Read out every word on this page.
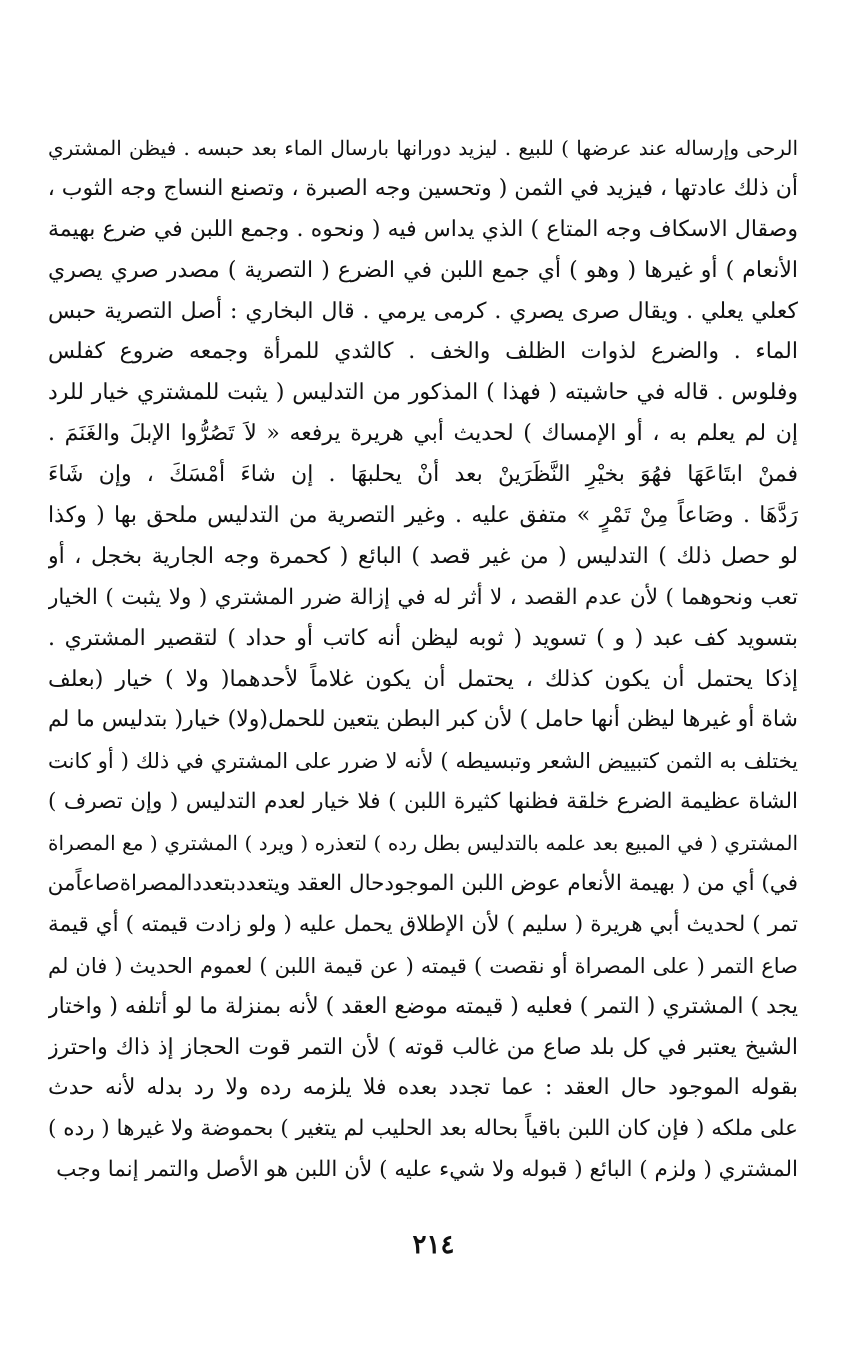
الرحى وإرساله عند عرضها ) للبيع . ليزيد دورانها بارسال الماء بعد حبسه . فيظن المشتري
أن ذلك عادتها ، فيزيد في الثمن ( وتحسين وجه الصبرة ، وتصنع النساج وجه الثوب ،
وصقال الاسكاف وجه المتاع ) الذي يداس فيه ( ونحوه . وجمع اللبن في ضرع بهيمة
الأنعام ) أو غيرها ( وهو ) أي جمع اللبن في الضرع ( التصرية ) مصدر صري يصري
كعلي يعلي . ويقال صرى يصري . كرمى يرمي . قال البخاري : أصل التصرية حبس
الماء . والضرع لذوات الظلف والخف . كالثدي للمرأة وجمعه ضروع كفلس
وفلوس . قاله في حاشيته ( فهذا ) المذكور من التدليس ( يثبت للمشتري خيار للرد
إن لم يعلم به ، أو الإمساك ) لحديث أبي هريرة يرفعه « لاَ تَصُرُّوا الإبلَ والغَنَمَ .
فمنْ ابتَاعَهَا فهُوَ بخيْرِ النَّظَرَينْ بعد أنْ يحلبهَا . إن شاءَ أمْسَكَ ، وإن شَاءَ
رَدَّهَا . وصَاعاً مِنْ تَمْرٍ » متفق عليه . وغير التصرية من التدليس ملحق بها ( وكذا
لو حصل ذلك ) التدليس ( من غير قصد ) البائع ( كحمرة وجه الجارية بخجل ، أو
تعب ونحوهما ) لأن عدم القصد ، لا أثر له في إزالة ضرر المشتري ( ولا يثبت ) الخيار
بتسويد كف عبد ( و ) تسويد ( ثوبه ليظن أنه كاتب أو حداد ) لتقصير المشتري .
إذكا يحتمل أن يكون كذلك ، يحتمل أن يكون غلاماً لأحدهما( ولا ) خيار (بعلف
شاة أو غيرها ليظن أنها حامل ) لأن كبر البطن يتعين للحمل(ولا) خيار( بتدليس ما لم
يختلف به الثمن كتبييض الشعر وتبسيطه ) لأنه لا ضرر على المشتري في ذلك ( أو كانت
الشاة عظيمة الضرع خلقة فظنها كثيرة اللبن ) فلا خيار لعدم التدليس ( وإن تصرف )
المشتري ( في المبيع بعد علمه بالتدليس بطل رده ) لتعذره ( ويرد ) المشتري ( مع المصراة
في) أي من ( بهيمة الأنعام عوض اللبن الموجودحال العقد ويتعددبتعددالمصراةصاعاًمن
تمر ) لحديث أبي هريرة ( سليم ) لأن الإطلاق يحمل عليه ( ولو زادت قيمته ) أي قيمة
صاع التمر ( على المصراة أو نقصت ) قيمته ( عن قيمة اللبن ) لعموم الحديث ( فان لم
يجد ) المشتري ( التمر ) فعليه ( قيمته موضع العقد ) لأنه بمنزلة ما لو أتلفه ( واختار
الشيخ يعتبر في كل بلد صاع من غالب قوته ) لأن التمر قوت الحجاز إذ ذاك واحترز
بقوله الموجود حال العقد : عما تجدد بعده فلا يلزمه رده ولا رد بدله لأنه حدث
على ملكه ( فإن كان اللبن باقياً بحاله بعد الحليب لم يتغير ) بحموضة ولا غيرها ( رده )
المشتري ( ولزم ) البائع ( قبوله ولا شيء عليه ) لأن اللبن هو الأصل والتمر إنما وجب
٢١٤
